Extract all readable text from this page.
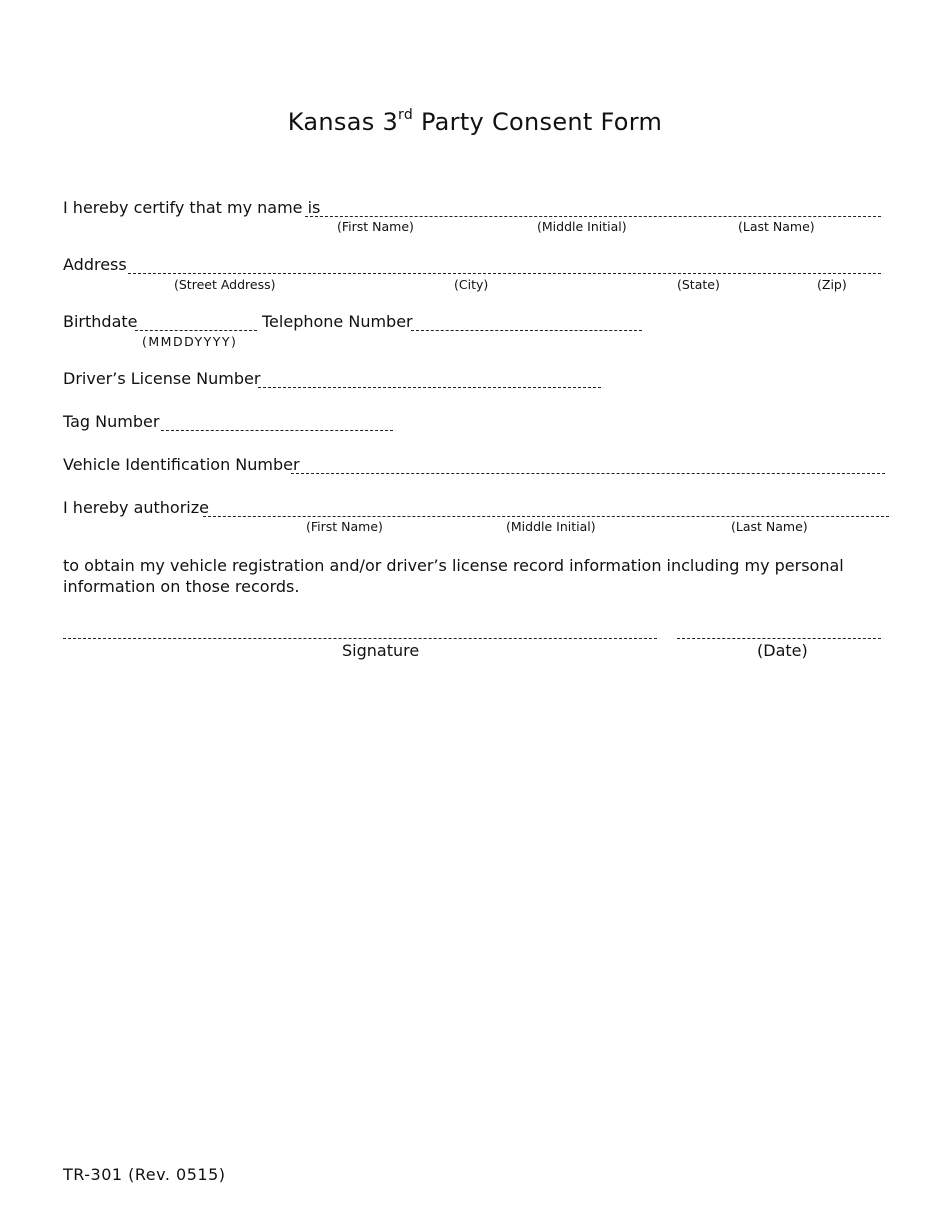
Kansas 3rd Party Consent Form
I hereby certify that my name is
(First Name)	(Middle Initial)	(Last Name)
Address
(Street Address)	(City)	(State)	(Zip)
Birthdate
(MMDDYYYY)
Telephone Number
Driver’s License Number
Tag Number
Vehicle Identification Number
I hereby authorize
(First Name)	(Middle Initial)	(Last Name)
to obtain my vehicle registration and/or driver’s license record information including my personal information on those records.
Signature	(Date)
TR-301 (Rev. 0515)
